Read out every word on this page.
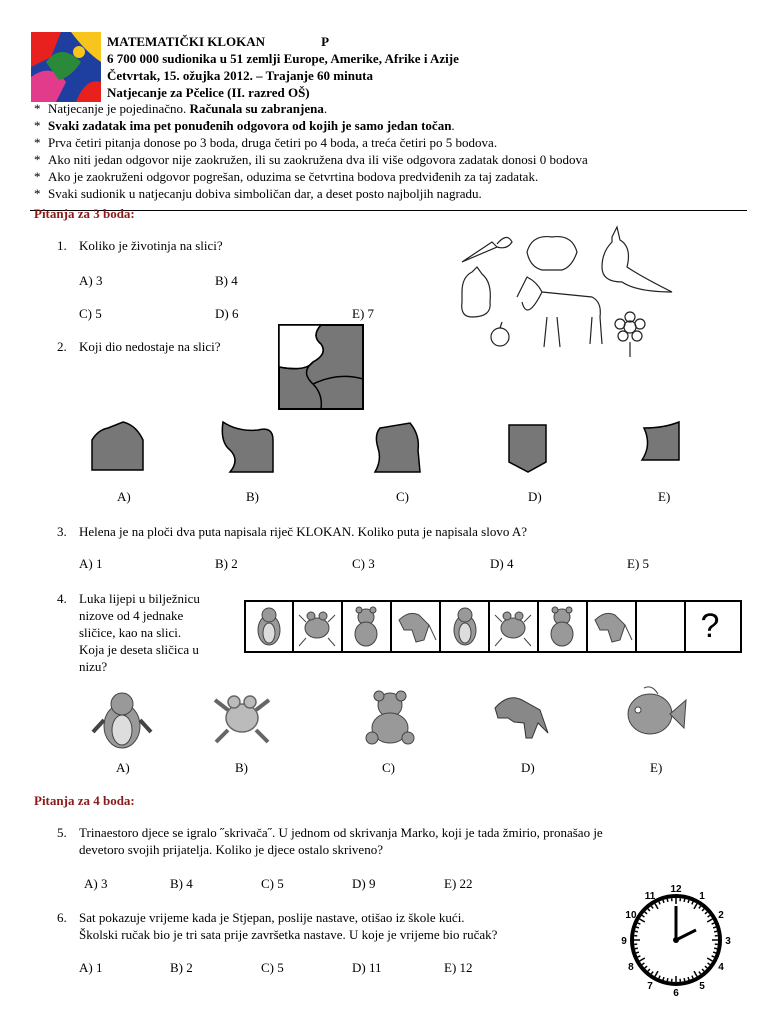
MATEMATIČKI KLOKAN	P
6 700 000 sudionika u 51 zemlji Europe, Amerike, Afrike i Azije
Četvrtak, 15. ožujka 2012. – Trajanje 60 minuta
Natjecanje za Pčelice (II. razred OŠ)
* Natjecanje je pojedinačno. Računala su zabranjena.
* Svaki zadatak ima pet ponuđenih odgovora od kojih je samo jedan točan.
* Prva četiri pitanja donose po 3 boda, druga četiri po 4 boda, a treća četiri po 5 bodova.
* Ako niti jedan odgovor nije zaokružen, ili su zaokružena dva ili više odgovora zadatak donosi 0 bodova
* Ako je zaokruženi odgovor pogrešan, oduzima se četvrtina bodova predviđenih za taj zadatak.
* Svaki sudionik u natjecanju dobiva simboličan dar, a deset posto najboljih nagradu.
Pitanja za 3 boda:
1. Koliko je životinja na slici?
A) 3	B) 4
C) 5	D) 6	E) 7
2. Koji dio nedostaje na slici?
A)	B)	C)	D)	E)
3. Helena je na ploči dva puta napisala riječ KLOKAN. Koliko puta je napisala slovo A?
A) 1	B) 2	C) 3	D) 4	E) 5
4. Luka lijepi u bilježnicu
nizove od 4 jednake
sličice, kao na slici.
Koja je deseta sličica u
nizu?
?
A)	B)	C)	D)	E)
Pitanja za 4 boda:
5. Trinaestoro djece se igralo ˝skrivača˝. U jednom od skrivanja Marko, koji je tada žmirio, pronašao je
devetoro svojih prijatelja. Koliko je djece ostalo skriveno?
A) 3	B) 4	C) 5	D) 9	E) 22
6. Sat pokazuje vrijeme kada je Stjepan, poslije nastave, otišao iz škole kući.
Školski ručak bio je tri sata prije završetka nastave. U koje je vrijeme bio ručak?
A) 1	B) 2	C) 5	D) 11	E) 12
12
1
2
3
4
5
6
7
8
9
10
11
